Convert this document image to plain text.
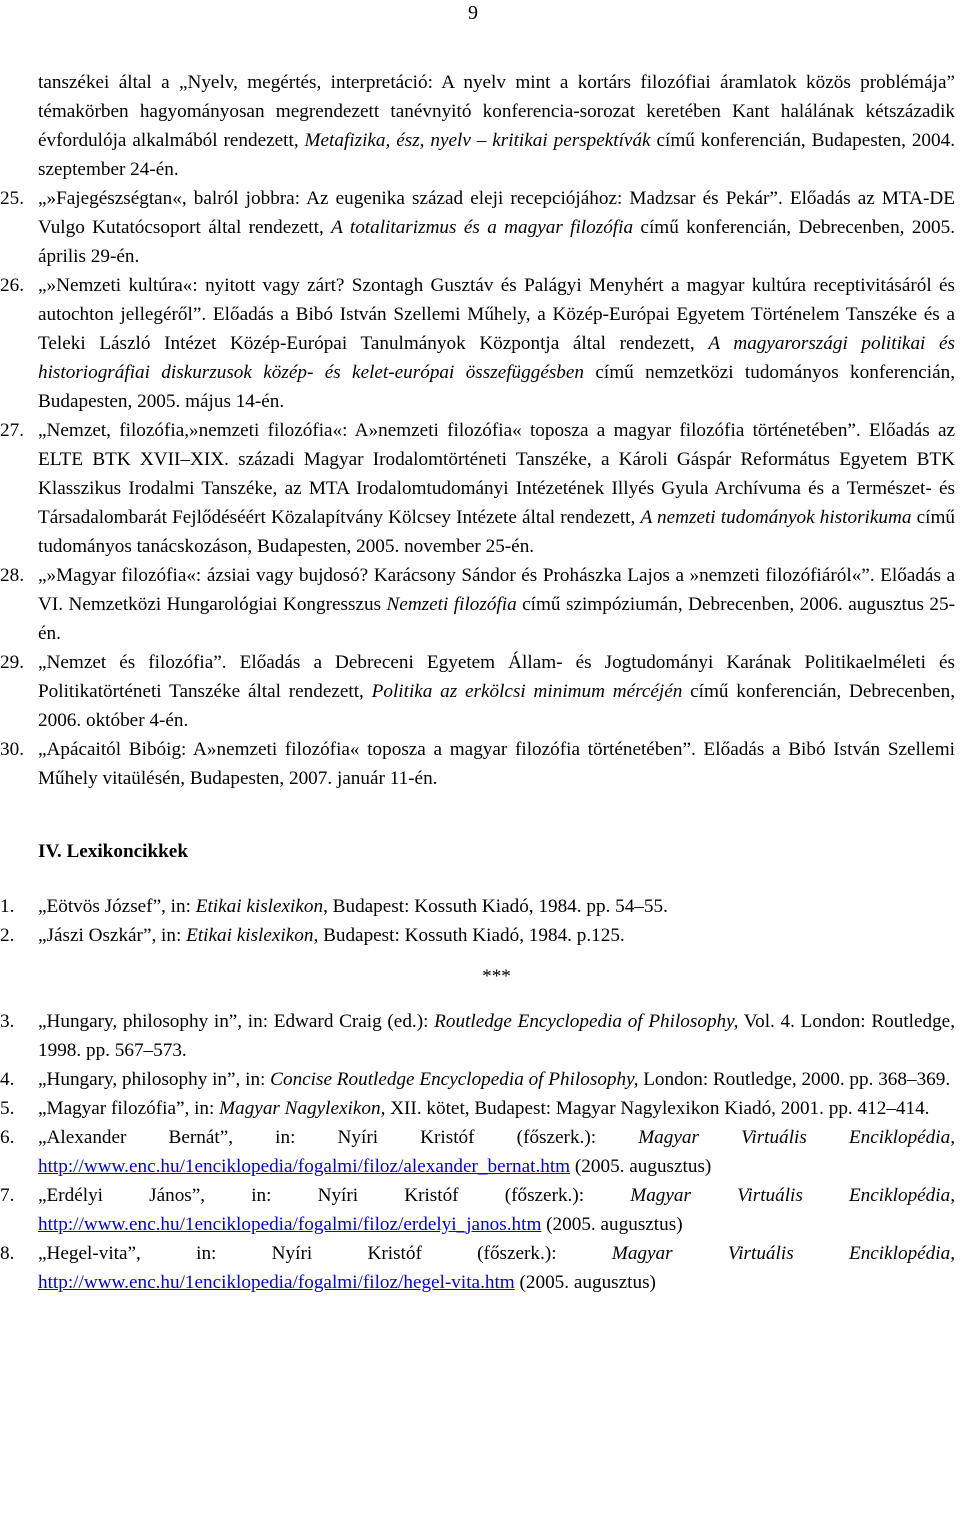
9

tanszékei által a „Nyelv, megértés, interpretáció: A nyelv mint a kortárs filozófiai áramlatok közös problémája” témakörben hagyományosan megrendezett tanévnyitó konferencia-sorozat keretében Kant halálának kétszázadik évfordulója alkalmából rendezett, Metafizika, ész, nyelv – kritikai perspektívák című konferencián, Budapesten, 2004. szeptember 24-én.

25. „»Fajegészségtan«, balról jobbra: Az eugenika század eleji recepciójához: Madzsar és Pekár”. Előadás az MTA-DE Vulgo Kutatócsoport által rendezett, A totalitarizmus és a magyar filozófia című konferencián, Debrecenben, 2005. április 29-én.
26. „»Nemzeti kultúra«: nyitott vagy zárt? Szontagh Gusztáv és Palágyi Menyhért a magyar kultúra receptivitásáról és autochton jellegéről”. Előadás a Bibó István Szellemi Műhely, a Közép-Európai Egyetem Történelem Tanszéke és a Teleki László Intézet Közép-Európai Tanulmányok Központja által rendezett, A magyarországi politikai és historiográfiai diskurzusok közép- és kelet-európai összefüggésben című nemzetközi tudományos konferencián, Budapesten, 2005. május 14-én.
27. „Nemzet, filozófia,»nemzeti filozófia«: A»nemzeti filozófia« toposza a magyar filozófia történetében”. Előadás az ELTE BTK XVII–XIX. századi Magyar Irodalomtörténeti Tanszéke, a Károli Gáspár Református Egyetem BTK Klasszikus Irodalmi Tanszéke, az MTA Irodalomtudományi Intézetének Illyés Gyula Archívuma és a Természet- és Társadalombarát Fejlődéséért Közalapítvány Kölcsey Intézete által rendezett, A nemzeti tudományok historikuma című tudományos tanácskozáson, Budapesten, 2005. november 25-én.
28. „»Magyar filozófia«: ázsiai vagy bujdosó? Karácsony Sándor és Prohászka Lajos a »nemzeti filozófiáról«”. Előadás a VI. Nemzetközi Hungarológiai Kongresszus Nemzeti filozófia című szimpóziumán, Debrecenben, 2006. augusztus 25-én.
29. „Nemzet és filozófia”. Előadás a Debreceni Egyetem Állam- és Jogtudományi Karának Politikaelméleti és Politikatörténeti Tanszéke által rendezett, Politika az erkölcsi minimum mércéjén című konferencián, Debrecenben, 2006. október 4-én.
30. „Apácaitól Bibóig: A»nemzeti filozófia« toposza a magyar filozófia történetében”. Előadás a Bibó István Szellemi Műhely vitaülésén, Budapesten, 2007. január 11-én.
IV. Lexikoncikkek
1.	„Eötvös József”, in: Etikai kislexikon, Budapest: Kossuth Kiadó, 1984. pp. 54–55.
2.	„Jászi Oszkár”, in: Etikai kislexikon, Budapest: Kossuth Kiadó, 1984. p.125.
***
3.	„Hungary, philosophy in”, in: Edward Craig (ed.): Routledge Encyclopedia of Philosophy, Vol. 4. London: Routledge, 1998. pp. 567–573.
4.	„Hungary, philosophy in”, in: Concise Routledge Encyclopedia of Philosophy, London: Routledge, 2000. pp. 368–369.
5.	„Magyar filozófia”, in: Magyar Nagylexikon, XII. kötet, Budapest: Magyar Nagylexikon Kiadó, 2001. pp. 412–414.
6.	„Alexander Bernát”, in: Nyíri Kristóf (főszerk.): Magyar Virtuális Enciklopédia, http://www.enc.hu/1enciklopedia/fogalmi/filoz/alexander_bernat.htm (2005. augusztus)
7.	„Erdélyi János”, in: Nyíri Kristóf (főszerk.): Magyar Virtuális Enciklopédia, http://www.enc.hu/1enciklopedia/fogalmi/filoz/erdelyi_janos.htm (2005. augusztus)
8.	„Hegel-vita”, in: Nyíri Kristóf (főszerk.): Magyar Virtuális Enciklopédia, http://www.enc.hu/1enciklopedia/fogalmi/filoz/hegel-vita.htm (2005. augusztus)
